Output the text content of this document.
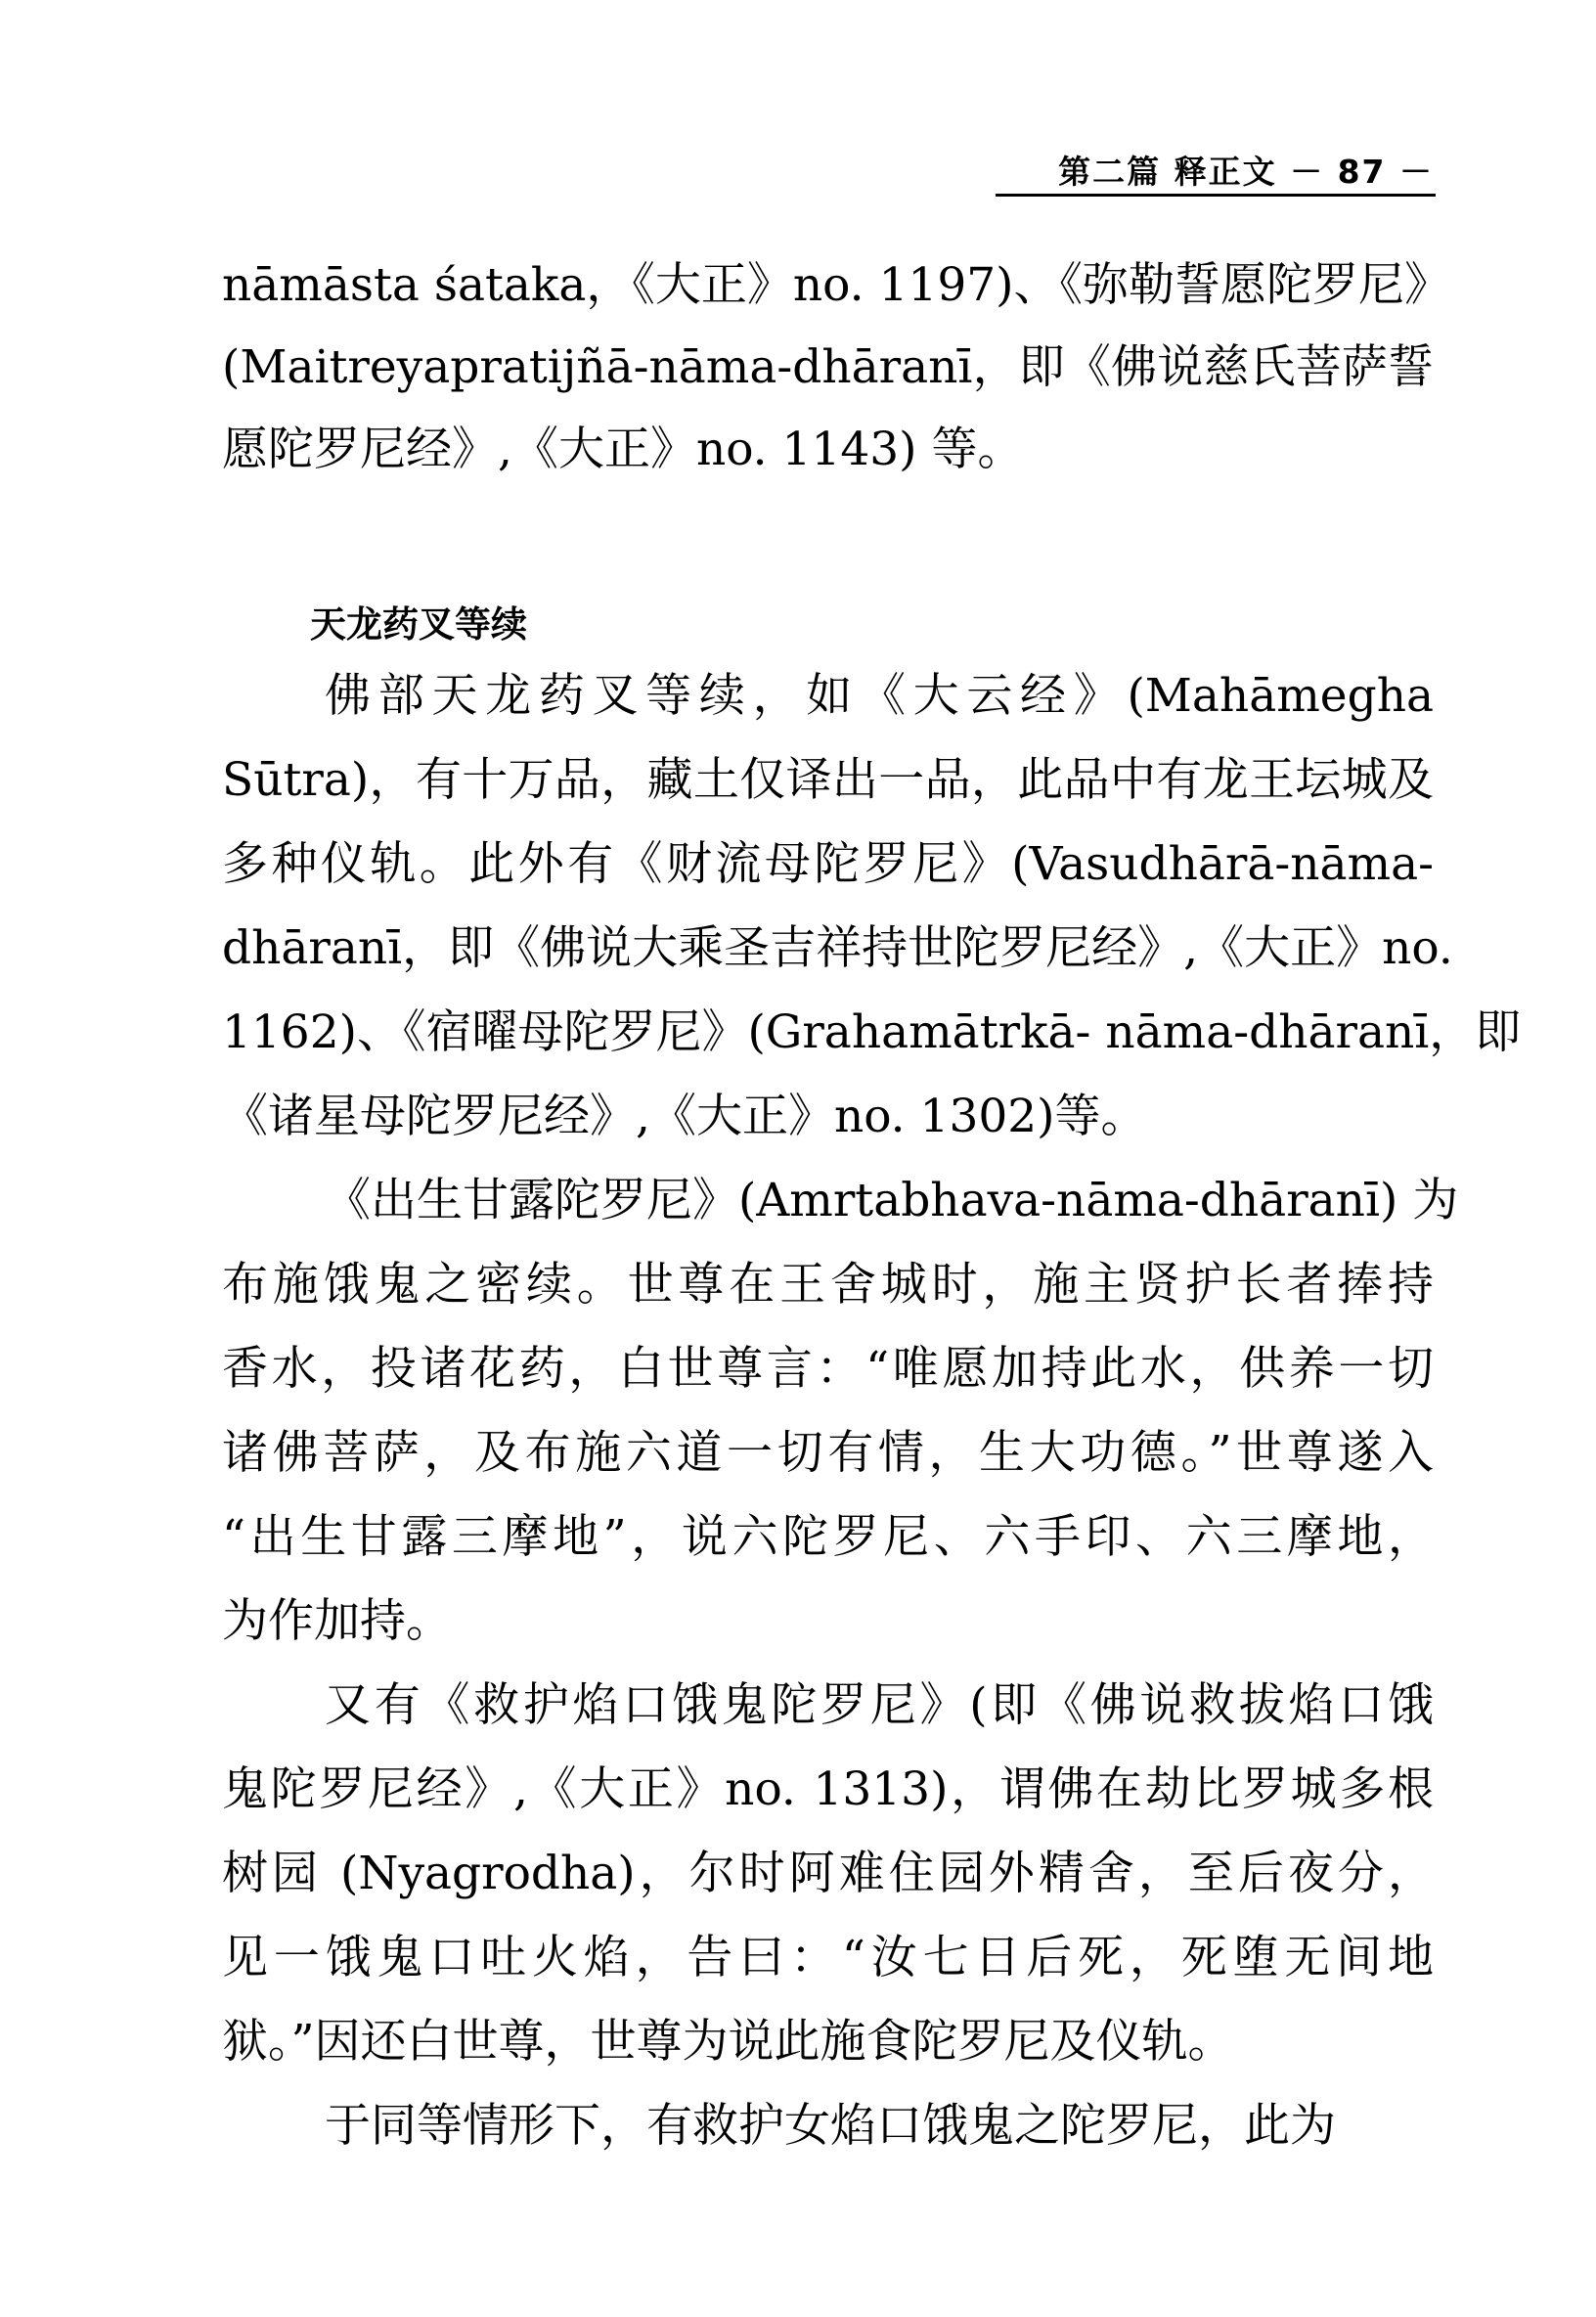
第二篇 释正文 － 87 －
天龙药叉等续
nāmāsta śataka，《大正》no. 1197)、《弥勒誓愿陀罗尼》
(Maitreyapratijñā-nāma-dhāranī，即《佛说慈氏菩萨誓
愿陀罗尼经》,《大正》no. 1143) 等。
佛部天龙药叉等续，如《大云经》(Mahāmegha
Sūtra)，有十万品，藏土仅译出一品，此品中有龙王坛城及
多种仪轨。此外有《财流母陀罗尼》(Vasudhārā-nāma-
dhāranī，即《佛说大乘圣吉祥持世陀罗尼经》,《大正》no.
1162)、《宿曜母陀罗尼》(Grahamātrkā- nāma-dhāranī，即
《诸星母陀罗尼经》,《大正》no. 1302)等。
《出生甘露陀罗尼》(Amrtabhava-nāma-dhāranī) 为
布施饿鬼之密续。世尊在王舍城时，施主贤护长者捧持
香水，投诸花药，白世尊言：“唯愿加持此水，供养一切
诸佛菩萨，及布施六道一切有情，生大功德。”世尊遂入
“出生甘露三摩地”，说六陀罗尼、六手印、六三摩地，
为作加持。
又有《救护焰口饿鬼陀罗尼》(即《佛说救拔焰口饿
鬼陀罗尼经》,《大正》no. 1313)，谓佛在劫比罗城多根
树园 (Nyagrodha)，尔时阿难住园外精舍，至后夜分，
见一饿鬼口吐火焰，告曰：“汝七日后死，死堕无间地
狱。”因还白世尊，世尊为说此施食陀罗尼及仪轨。
于同等情形下，有救护女焰口饿鬼之陀罗尼，此为
